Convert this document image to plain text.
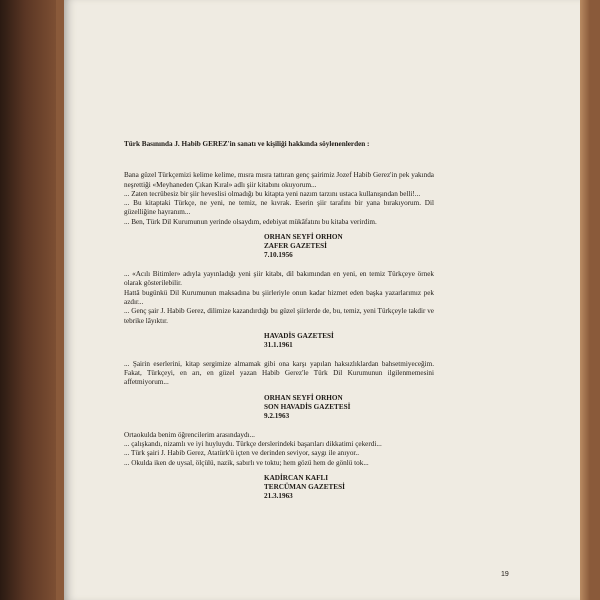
Türk Basınında J. Habib GEREZ'in sanatı ve kişiliği hakkında söylenenlerden :

Bana güzel Türkçemizi kelime kelime, mısra mısra tattıran genç şairimiz Jozef Habib Gerez'in pek yakında neşrettiği «Meyhaneden Çıkan Kıral» adlı şiir kitabını okuyorum...

... Zaten tecrübesiz bir şiir heveslisi olmadığı bu kitapta yeni nazım tarzını ustaca kullanışından belli!...

... Bu kitaptaki Türkçe, ne yeni, ne temiz, ne kıvrak. Eserin şiir tarafını bir yana bırakıyorum. Dil güzelliğine hayranım...

... Ben, Türk Dil Kurumunun yerinde olsaydım, edebiyat mükâfatını bu kitaba verirdim.

ORHAN SEYFİ ORHON
ZAFER GAZETESİ
7.10.1956

... «Acılı Bitimler» adıyla yayınladığı yeni şiir kitabı, dil bakımından en yeni, en temiz Türkçeye örnek olarak gösterilebilir.

Hattâ bugünkü Dil Kurumunun maksadına bu şiirleriyle onun kadar hizmet eden başka yazarlarımız pek azdır...

... Genç şair J. Habib Gerez, dilimize kazandırdığı bu güzel şiirlerde de, bu, temiz, yeni Türkçeyle takdir ve tebrike lâyıktır.

HAVADİS GAZETESİ
31.1.1961

... Şairin eserlerini, kitap sergimize almamak gibi ona karşı yapılan haksızlıklardan bahsetmiyeceğim. Fakat, Türkçeyi, en arı, en güzel yazan Habib Gerez'le Türk Dil Kurumunun ilgilenmemesini affetmiyorum...

ORHAN SEYFİ ORHON
SON HAVADİS GAZETESİ
9.2.1963

Ortaokulda benim öğrencilerim arasındaydı...

... çalışkandı, nizamlı ve iyi huyluydu. Türkçe derslerindeki başarıları dikkatimi çekerdi...

... Türk şairi J. Habib Gerez, Atatürk'ü içten ve derinden seviyor, saygı ile anıyor..

... Okulda iken de uysal, ölçülü, nazik, sabırlı ve toktu; hem gözü hem de gönlü tok...

KADİRCAN KAFLI
TERCÜMAN GAZETESİ
21.3.1963
19
